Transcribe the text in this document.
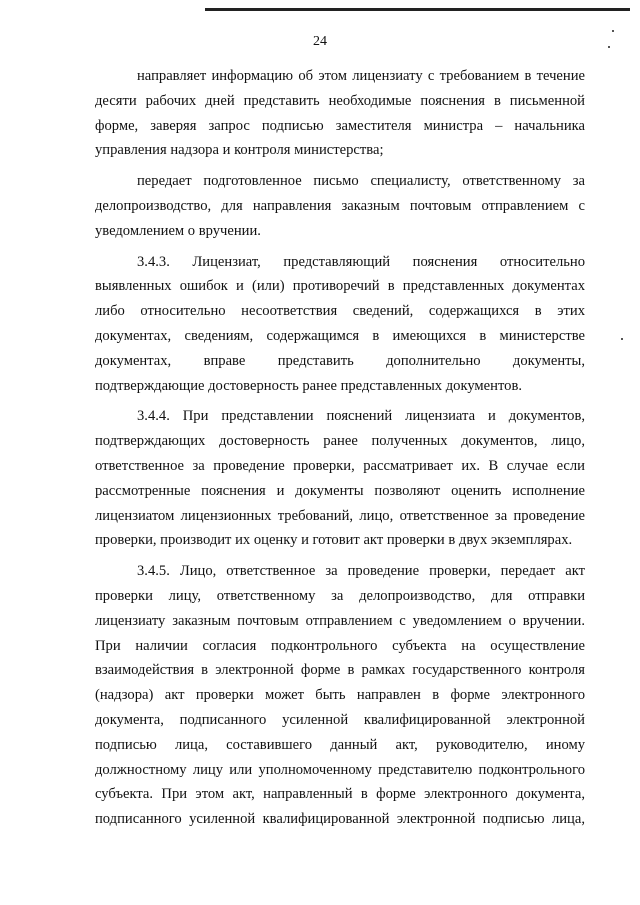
24

направляет информацию об этом лицензиату с требованием в течение
десяти рабочих дней представить необходимые пояснения в письменной
форме, заверяя запрос подписью заместителя министра – начальника
управления надзора и контроля министерства;

передает подготовленное письмо специалисту, ответственному за
делопроизводство, для направления заказным почтовым отправлением с
уведомлением о вручении.

3.4.3. Лицензиат, представляющий пояснения относительно
выявленных ошибок и (или) противоречий в представленных документах
либо относительно несоответствия сведений, содержащихся в этих
документах, сведениям, содержащимся в имеющихся в министерстве
документах, вправе представить дополнительно документы,
подтверждающие достоверность ранее представленных документов.

3.4.4. При представлении пояснений лицензиата и документов,
подтверждающих достоверность ранее полученных документов, лицо,
ответственное за проведение проверки, рассматривает их. В случае если
рассмотренные пояснения и документы позволяют оценить исполнение
лицензиатом лицензионных требований, лицо, ответственное за проведение
проверки, производит их оценку и готовит акт проверки в двух экземплярах.

3.4.5. Лицо, ответственное за проведение проверки, передает акт
проверки лицу, ответственному за делопроизводство, для отправки
лицензиату заказным почтовым отправлением с уведомлением о вручении.
При наличии согласия подконтрольного субъекта на осуществление
взаимодействия в электронной форме в рамках государственного контроля
(надзора) акт проверки может быть направлен в форме электронного
документа, подписанного усиленной квалифицированной электронной
подписью лица, составившего данный акт, руководителю, иному
должностному лицу или уполномоченному представителю подконтрольного
субъекта. При этом акт, направленный в форме электронного документа,
подписанного усиленной квалифицированной электронной подписью лица,
